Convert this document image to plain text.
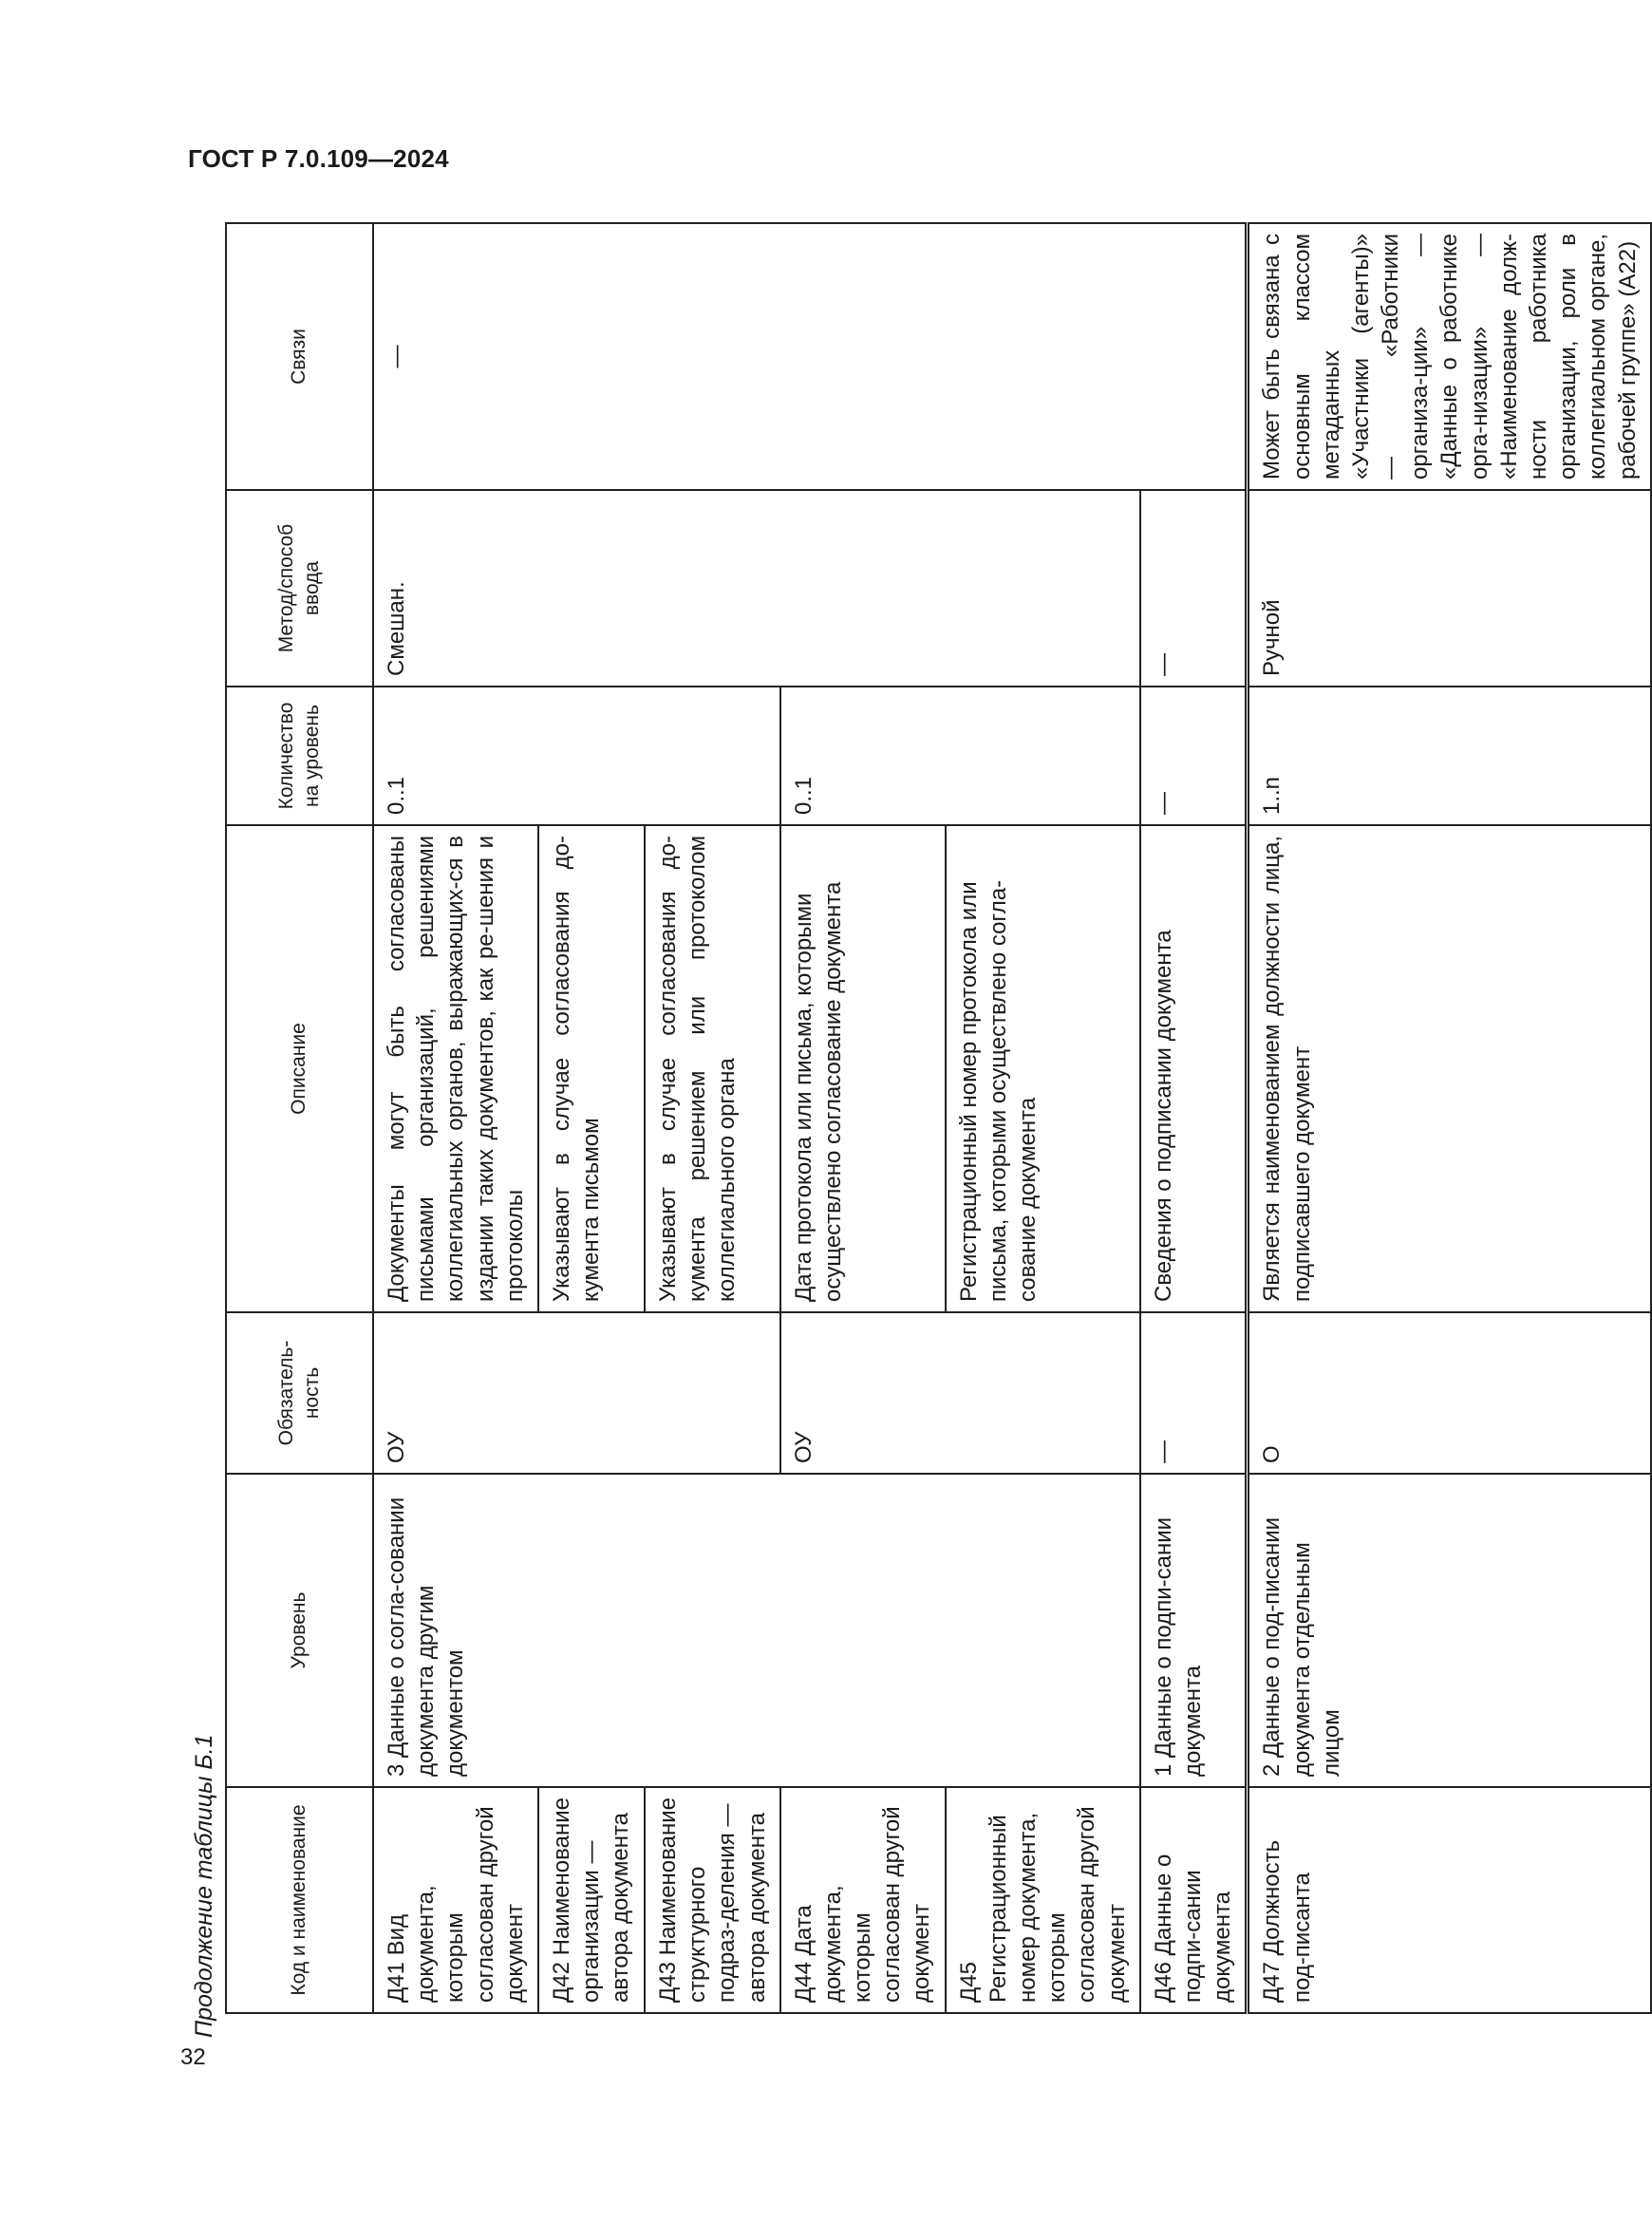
ГОСТ Р 7.0.109—2024
Продолжение таблицы Б.1
32
Код и наименование	Уровень	Обязатель-ность	Описание	Количество на уровень	Метод/способ ввода	Связи
Д41 Вид документа, которым согласован другой документ	3 Данные о согла-совании документа другим документом	ОУ	Документы могут быть согласованы письмами организаций, решениями коллегиальных органов, выражающих-ся в издании таких документов, как ре-шения и протоколы	0..1	Смешан.	—
Д42 Наименование организации — автора документа			Указывают в случае согласования до-кумента письмом			
Д43 Наименование структурного подраз-деления — автора документа			Указывают в случае согласования до-кумента решением или протоколом коллегиального органа			
Д44 Дата документа, которым согласован другой документ		ОУ	Дата протокола или письма, которыми осуществлено согласование документа	0..1		
Д45 Регистрационный номер документа, которым согласован другой документ			Регистрационный номер протокола или письма, которыми осуществлено согла-сование документа			
Д46 Данные о подпи-сании документа	1 Данные о подпи-сании документа	—	Сведения о подписании документа	—	—	
Д47 Должность под-писанта	2 Данные о под-писании документа отдельным лицом	О	Является наименованием должности лица, подписавшего документ	1..n	Ручной	Может быть связана с основным классом метаданных «Участники (агенты)» — «Работники организа-ции» — «Данные о работнике орга-низации» — «Наименование долж-ности работника организации, роли в коллегиальном органе, рабочей группе» (А22)
